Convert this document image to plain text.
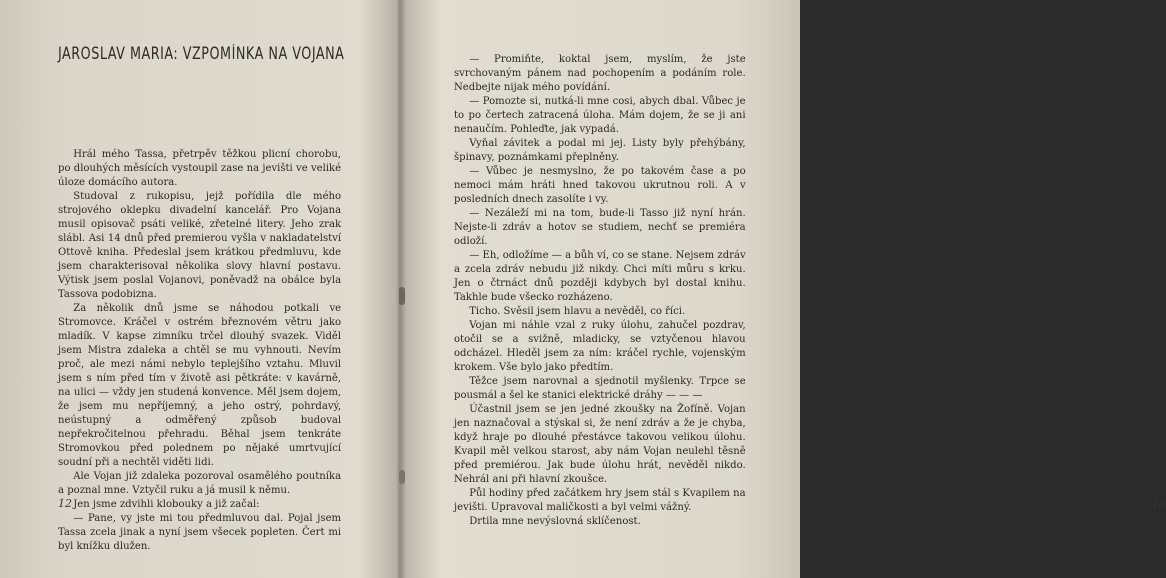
JAROSLAV MARIA: VZPOMÍNKA NA VOJANA

Hrál mého Tassa, přetrpěv těžkou plicní chorobu, po dlouhých měsících vystoupil zase na jevišti ve veliké úloze domácího autora.

Studoval z rukopisu, jejž pořídila dle mého strojového oklepku divadelní kancelář. Pro Vojana musil opisovač psáti veliké, zřetelné litery. Jeho zrak slábl. Asi 14 dnů před premierou vyšla v nakladatelství Ottově kniha. Předeslal jsem krátkou předmluvu, kde jsem charakterisoval několika slovy hlavní postavu. Výtisk jsem poslal Vojanovi, poněvadž na obálce byla Tassova podobizna.

Za několik dnů jsme se náhodou potkali ve Stromovce. Kráčel v ostrém březnovém větru jako mladík. V kapse zimníku trčel dlouhý svazek. Viděl jsem Mistra zdaleka a chtěl se mu vyhnouti. Nevím proč, ale mezi námi nebylo teplejšího vztahu. Mluvil jsem s ním před tím v životě asi pětkráte: v kavárně, na ulici — vždy jen studená konvence. Měl jsem dojem, že jsem mu nepříjemný, a jeho ostrý, pohrdavý, neústupný a odměřený způsob budoval nepřekročitelnou přehradu. Běhal jsem tenkráte Stromovkou před polednem po nějaké umrtvující soudní při a nechtěl viděti lidi.

Ale Vojan již zdaleka pozoroval osamělého poutníka a poznal mne. Vztyčil ruku a já musil k němu.

Jen jsme zdvihli klobouky a již začal:

— Pane, vy jste mi tou předmluvou dal. Pojal jsem Tassa zcela jinak a nyní jsem všecek popleten. Čert mi byl knížku dlužen.

12	13

— Promiňte, koktal jsem, myslím, že jste svrchovaným pánem nad pochopením a podáním role. Nedbejte nijak mého povídání.

— Pomozte si, nutká-li mne cosi, abych dbal. Vůbec je to po čertech zatracená úloha. Mám dojem, že se ji ani nenaučím. Pohleďte, jak vypadá.

Vyňal závitek a podal mi jej. Listy byly přehýbány, špinavy, poznámkami přeplněny.

— Vůbec je nesmyslno, že po takovém čase a po nemoci mám hráti hned takovou ukrutnou roli. A v posledních dnech zasolíte i vy.

— Nezáleží mi na tom, bude-li Tasso již nyní hrán. Nejste-li zdráv a hotov se studiem, nechť se premiéra odloží.

— Eh, odložíme — a bůh ví, co se stane. Nejsem zdráv a zcela zdráv nebudu již nikdy. Chci míti můru s krku. Jen o čtrnáct dnů později kdybych byl dostal knihu. Takhle bude všecko rozházeno.

Ticho. Svěsil jsem hlavu a nevěděl, co říci.

Vojan mi náhle vzal z ruky úlohu, zahučel pozdrav, otočil se a svižně, mladicky, se vztyčenou hlavou odcházel. Hleděl jsem za ním: kráčel rychle, vojenským krokem. Vše bylo jako předtím.

Těžce jsem narovnal a sjednotil myšlenky. Trpce se pousmál a šel ke stanici elektrické dráhy — — —

Účastnil jsem se jen jedné zkoušky na Žofíně. Vojan jen naznačoval a stýskal si, že není zdráv a že je chyba, když hraje po dlouhé přestávce takovou velikou úlohu. Kvapil měl velkou starost, aby nám Vojan neulehl těsně před premiérou. Jak bude úlohu hrát, nevěděl nikdo. Nehrál ani při hlavní zkoušce.

Půl hodiny před začátkem hry jsem stál s Kvapilem na jevišti. Upravoval maličkosti a byl velmi vážný.

Drtila mne nevýslovná sklíčenost.
